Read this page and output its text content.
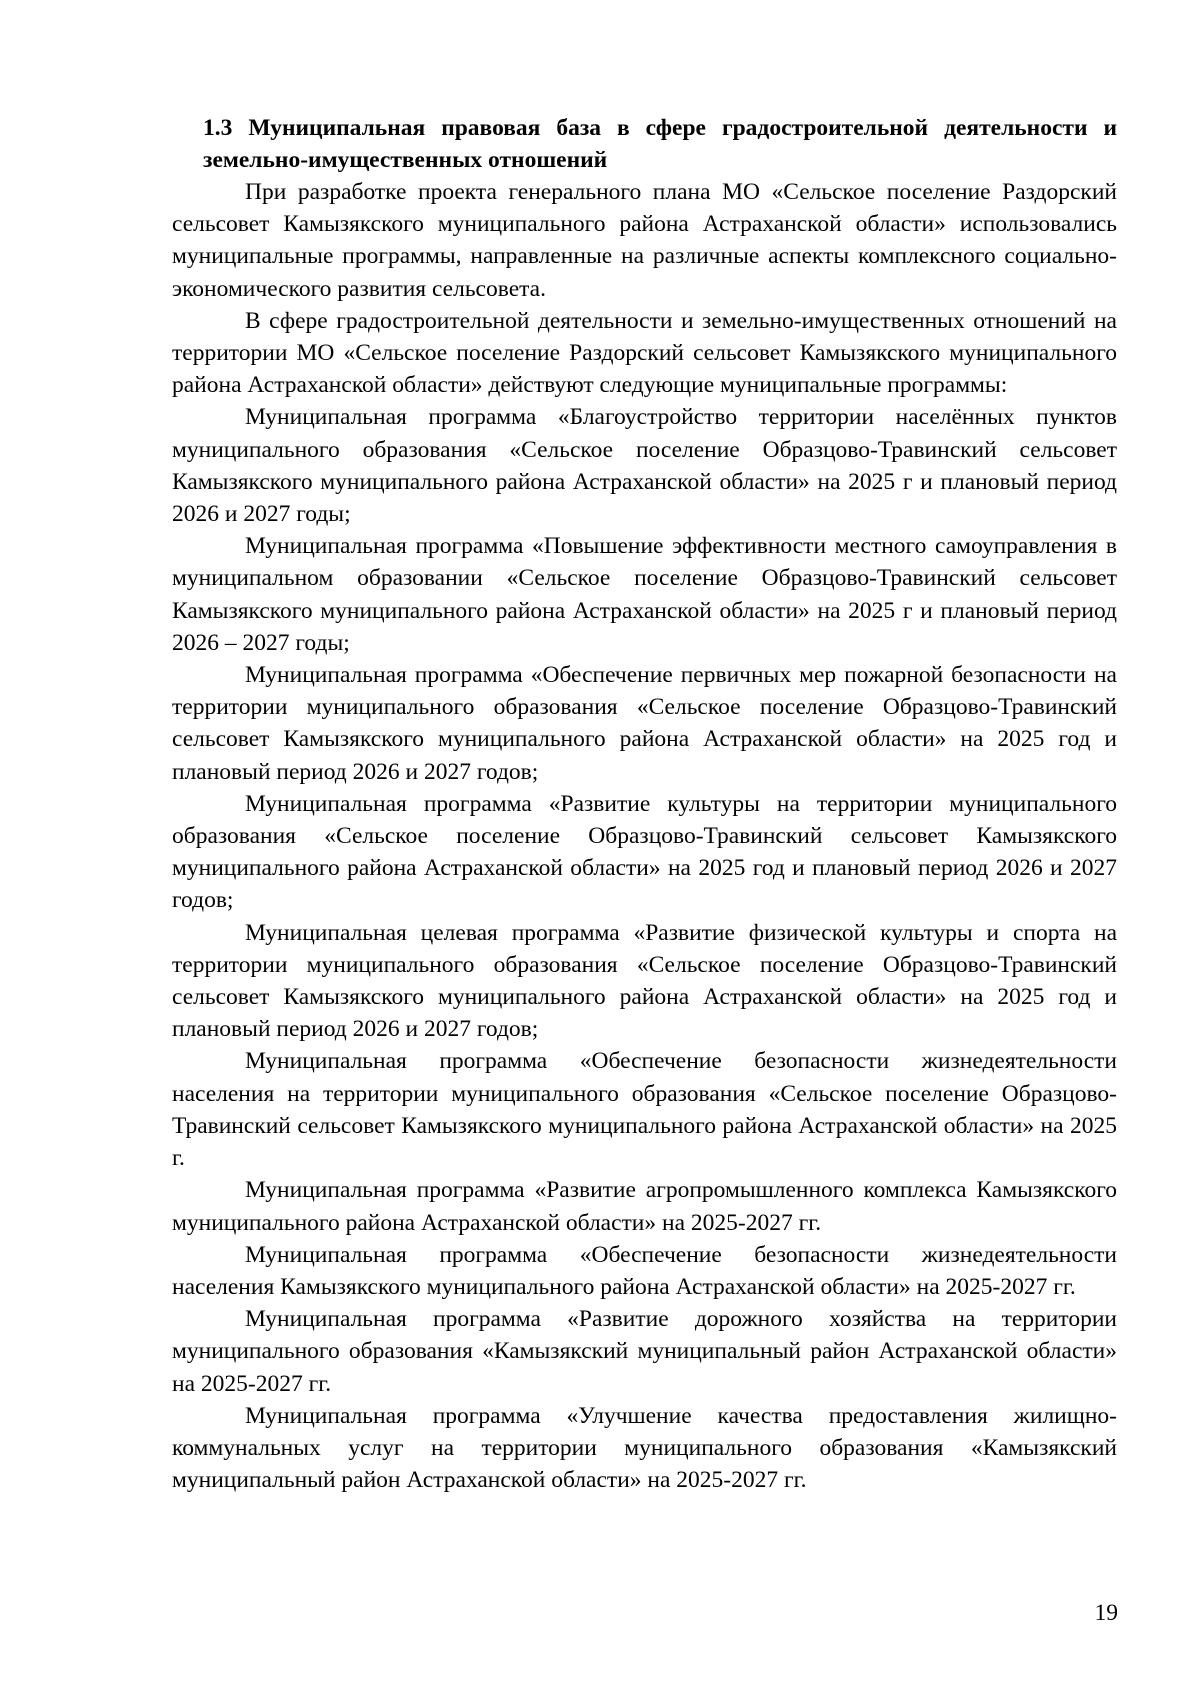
1.3 Муниципальная правовая база в сфере градостроительной деятельности и земельно-имущественных отношений

При разработке проекта генерального плана МО «Сельское поселение Раздорский сельсовет Камызякского муниципального района Астраханской области» использовались муниципальные программы, направленные на различные аспекты комплексного социально-экономического развития сельсовета.

В сфере градостроительной деятельности и земельно-имущественных отношений на территории МО «Сельское поселение Раздорский сельсовет Камызякского муниципального района Астраханской области» действуют следующие муниципальные программы:

Муниципальная программа «Благоустройство территории населённых пунктов муниципального образования «Сельское поселение Образцово-Травинский сельсовет Камызякского муниципального района Астраханской области» на 2025 г и плановый период 2026 и 2027 годы;

Муниципальная программа «Повышение эффективности местного самоуправления в муниципальном образовании «Сельское поселение Образцово-Травинский сельсовет Камызякского муниципального района Астраханской области» на 2025 г и плановый период 2026 – 2027 годы;

Муниципальная программа «Обеспечение первичных мер пожарной безопасности на территории муниципального образования «Сельское поселение Образцово-Травинский сельсовет Камызякского муниципального района Астраханской области» на 2025 год и плановый период 2026 и 2027 годов;

Муниципальная программа «Развитие культуры на территории муниципального образования «Сельское поселение Образцово-Травинский сельсовет Камызякского муниципального района Астраханской области» на 2025 год и плановый период 2026 и 2027 годов;

Муниципальная целевая программа «Развитие физической культуры и спорта на территории муниципального образования «Сельское поселение Образцово-Травинский сельсовет Камызякского муниципального района Астраханской области» на 2025 год и плановый период 2026 и 2027 годов;

Муниципальная программа «Обеспечение безопасности жизнедеятельности населения на территории муниципального образования «Сельское поселение Образцово-Травинский сельсовет Камызякского муниципального района Астраханской области» на 2025 г.

Муниципальная программа «Развитие агропромышленного комплекса Камызякского муниципального района Астраханской области» на 2025-2027 гг.

Муниципальная программа «Обеспечение безопасности жизнедеятельности населения Камызякского муниципального района Астраханской области» на 2025-2027 гг.

Муниципальная программа «Развитие дорожного хозяйства на территории муниципального образования «Камызякский муниципальный район Астраханской области» на 2025-2027 гг.

Муниципальная программа «Улучшение качества предоставления жилищно-коммунальных услуг на территории муниципального образования «Камызякский муниципальный район Астраханской области» на 2025-2027 гг.

19
